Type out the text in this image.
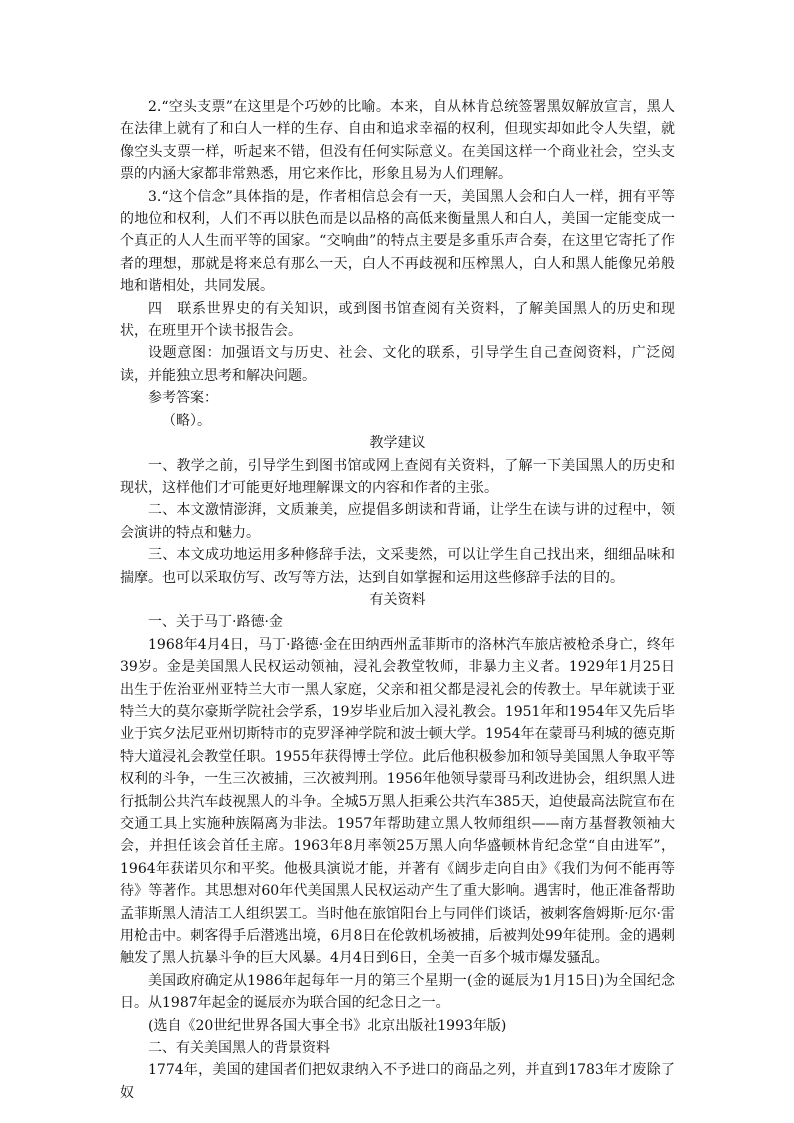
2.“空头支票”在这里是个巧妙的比喻。本来，自从林肯总统签署黑奴解放宣言，黑人在法律上就有了和白人一样的生存、自由和追求幸福的权利，但现实却如此令人失望，就像空头支票一样，听起来不错，但没有任何实际意义。在美国这样一个商业社会，空头支票的内涵大家都非常熟悉，用它来作比，形象且易为人们理解。

3.“这个信念”具体指的是，作者相信总会有一天，美国黑人会和白人一样，拥有平等的地位和权利，人们不再以肤色而是以品格的高低来衡量黑人和白人，美国一定能变成一个真正的人人生而平等的国家。“交响曲”的特点主要是多重乐声合奏，在这里它寄托了作者的理想，那就是将来总有那么一天，白人不再歧视和压榨黑人，白人和黑人能像兄弟般地和谐相处，共同发展。

四　联系世界史的有关知识，或到图书馆查阅有关资料，了解美国黑人的历史和现状，在班里开个读书报告会。

设题意图：加强语文与历史、社会、文化的联系，引导学生自己查阅资料，广泛阅读，并能独立思考和解决问题。

参考答案：

（略）。

教学建议

一、教学之前，引导学生到图书馆或网上查阅有关资料，了解一下美国黑人的历史和现状，这样他们才可能更好地理解课文的内容和作者的主张。

二、本文激情澎湃，文质兼美，应提倡多朗读和背诵，让学生在读与讲的过程中，领会演讲的特点和魅力。

三、本文成功地运用多种修辞手法，文采斐然，可以让学生自己找出来，细细品味和揣摩。也可以采取仿写、改写等方法，达到自如掌握和运用这些修辞手法的目的。

有关资料

一、关于马丁·路德·金

1968年4月4日，马丁·路德·金在田纳西州孟菲斯市的洛林汽车旅店被枪杀身亡，终年39岁。金是美国黑人民权运动领袖，浸礼会教堂牧师，非暴力主义者。1929年1月25日出生于佐治亚州亚特兰大市一黑人家庭，父亲和祖父都是浸礼会的传教士。早年就读于亚特兰大的莫尔豪斯学院社会学系，19岁毕业后加入浸礼教会。1951年和1954年又先后毕业于宾夕法尼亚州切斯特市的克罗泽神学院和波士顿大学。1954年在蒙哥马利城的德克斯特大道浸礼会教堂任职。1955年获得博士学位。此后他积极参加和领导美国黑人争取平等权利的斗争，一生三次被捕，三次被判刑。1956年他领导蒙哥马利改进协会，组织黑人进行抵制公共汽车歧视黑人的斗争。全城5万黑人拒乘公共汽车385天，迫使最高法院宣布在交通工具上实施种族隔离为非法。1957年帮助建立黑人牧师组织——南方基督教领袖大会，并担任该会首任主席。1963年8月率领25万黑人向华盛顿林肯纪念堂“自由进军”，1964年获诺贝尔和平奖。他极具演说才能，并著有《阔步走向自由》《我们为何不能再等待》等著作。其思想对60年代美国黑人民权运动产生了重大影响。遇害时，他正准备帮助孟菲斯黑人清洁工人组织罢工。当时他在旅馆阳台上与同伴们谈话，被刺客詹姆斯·厄尔·雷用枪击中。刺客得手后潜逃出境，6月8日在伦敦机场被捕，后被判处99年徒刑。金的遇刺触发了黑人抗暴斗争的巨大风暴。4月4日到6日，全美一百多个城市爆发骚乱。

美国政府确定从1986年起每年一月的第三个星期一(金的诞辰为1月15日)为全国纪念日。从1987年起金的诞辰亦为联合国的纪念日之一。

(选自《20世纪世界各国大事全书》北京出版社1993年版)

二、有关美国黑人的背景资料

1774年，美国的建国者们把奴隶纳入不予进口的商品之列，并直到1783年才废除了奴
